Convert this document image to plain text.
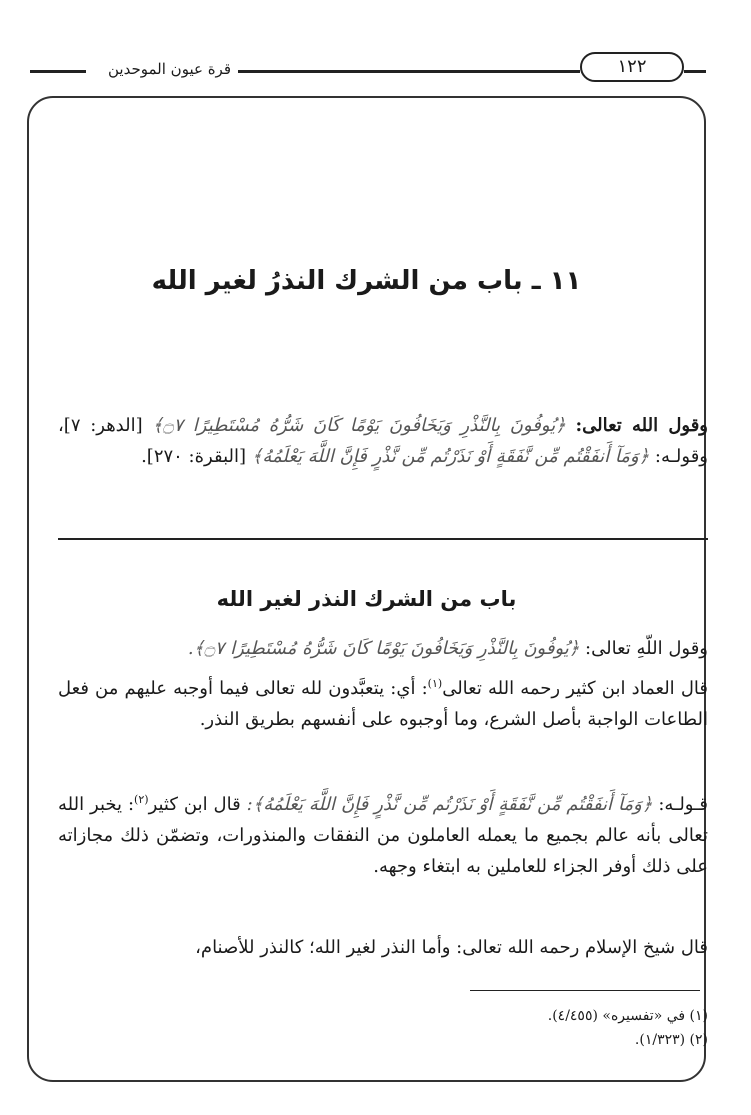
قرة عيون الموحدين	١٢٢
١١ ـ باب من الشرك النذرُ لغير الله
وقول الله تعالى: ﴿يُوفُونَ بِالنَّذْرِ وَيَخَافُونَ يَوْمًا كَانَ شَرُّهُ مُسْتَطِيرًا ۝٧﴾ [الدهر: ٧]، وقولـه: ﴿وَمَآ أَنفَقْتُم مِّن نَّفَقَةٍ أَوْ نَذَرْتُم مِّن نَّذْرٍ فَإِنَّ اللَّهَ يَعْلَمُهُ﴾ [البقرة: ٢٧٠].
باب من الشرك النذر لغير الله
وقول اللّهِ تعالى: ﴿يُوفُونَ بِالنَّذْرِ وَيَخَافُونَ يَوْمًا كَانَ شَرُّهُ مُسْتَطِيرًا ۝٧﴾.
قال العماد ابن كثير رحمه الله تعالى$^{(١)}$: أي: يتعبَّدون لله تعالى فيما أوجبه عليهم من فعل الطاعات الواجبة بأصل الشرع، وما أوجبوه على أنفسهم بطريق النذر.
قـولـه: ﴿وَمَآ أَنفَقْتُم مِّن نَّفَقَةٍ أَوْ نَذَرْتُم مِّن نَّذْرٍ فَإِنَّ اللَّهَ يَعْلَمُهُ﴾: قال ابن كثير$^{(٢)}$: يخبر الله تعالى بأنه عالم بجميع ما يعمله العاملون من النفقات والمنذورات، وتضمّن ذلك مجازاته على ذلك أوفر الجزاء للعاملين به ابتغاء وجهه.
قال شيخ الإسلام رحمه الله تعالى: وأما النذر لغير الله؛ كالنذر للأصنام،
(١) في «تفسيره» (٤/٤٥٥).
(٢) (١/٣٢٣).
